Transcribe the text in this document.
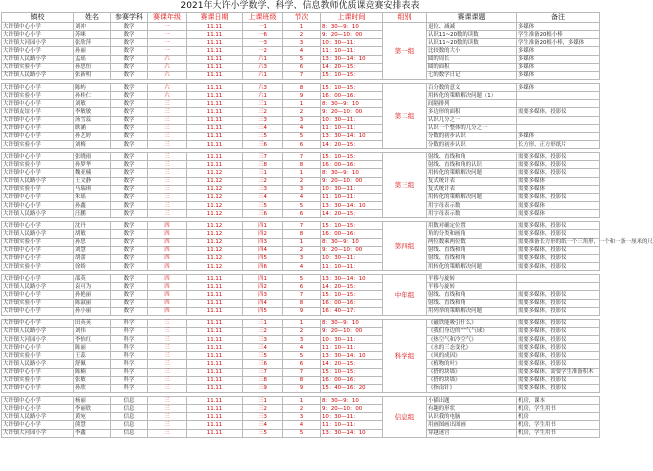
2021年大许小学数学、科学、信息教师优质课竞赛安排表表
镇校	姓名	参赛学科	赛课年级	赛课日期	上课班级	节次	上课时间	组别	赛课课题	备注
大许镇中心小学	刘冲	数学	一	11.11	一1	1	8：30—9：10	第一组	退位、减减	多媒体
大许镇中心小学	苏咪	数学	一	11.11	一6	2	9：20—10：00		认识11~20数的读数	学生准备20根小棒
大许镇大河园小学	张欣萍	数学	一	11.11	一3	3	10：30—11：		认识11~20数的读数	学生准备20根小棒，多媒体
大许镇中心小学	孙丽	数学	一	11.11	一2	4	11：10—11：		比较数的大小	多媒体
大许镇人民路小学	孟瑶	数学	六	11.11	六1	5	13：30—14：10		圆的周长	多媒体
大许镇实验小学	孙思恒	数学	六	11.11	六3	6	14：20—15：		圆的面积	多媒体
大许镇人民路小学	张新明	数学	六	11.11	六1	7	15：10—15：		七的数学日记	多媒体

大许镇中心小学	陈屿	数学	六	11.11	六3	8	15：10—15：	第二组	百分数的意义	多媒体
大许镇实验小学	孙桂仁	数学	六	11.11	六1	9	16：00—16：		用转化的策略解决问题（1）	
大许镇中心小学	刘敏	数学	三	11.11	三1	1	8：30—9：10		间隔排列	
大许镇友谊小学	李敏敏	数学	三	11.11	三2	2	9：20—10：00		多边形的面积	需要多媒体，投影仪
大许镇中心小学	汤雪蕊	数学	三	11.11	三3	3	10：30—11：		认识几分之一	
大许镇中心小学	耿涵	数学	三	11.11	三4	4	11：10—11：		认识一个整体的几分之一	
大许镇中心小学	孙艺婷	数学	三	11.11	三5	5	13：30—14：10		分数的初步认识	多媒体
大许镇实验小学	刘梅	数学	三	11.11	三6	6	14：20—15：		分数的初步认识	长方形、正方形纸片

大许镇中心小学	张晓雨	数学	三	11.11	三7	7	15：10—15：	第三组	射线、直线和角	需要多媒体，投影仪
大许镇实验小学	孙梦华	数学	三	11.11	三8	8	16：00—16：		射线、直线和角的认识	需要多媒体，投影仪
大许镇中心小学	魏亚楠	数学	三	11.12	三1	1	8：30—9：10		用转化的策略解决问题	需要多媒体，投影仪
大许镇人民路小学	王文静	数学	三	11.12	三2	2	9：20—10：00		复式统计表	需要多媒体
大许镇实验小学	马瑞琪	数学	三	11.12	三3	3	10：30—11：		复式统计表	需要多媒体
大许镇中心小学	朱瑶	数学	三	11.12	三4	4	11：10—11：		用转化的策略解决问题	需要多媒体，投影仪
大许镇中心小学	孙鑫	数学	三	11.12	三5	5	13：30—14：10		用字母表示数	需要多媒体
大许镇人民路小学	汪鹏	数学	三	11.12	三6	6	14：20—15：		用字母表示数	需要多媒体

大许镇中心小学	沈丹	数学	四	11.12	四1	7	15：10—15：	第四组	用数对确定位置	需要多媒体，投影仪
大许镇人民路小学	胡敏	数学	四	11.12	四2	8	16：00—16：		角的分类和画角	需要多媒体，投影仪
大许镇实验小学	孙思	数学	四	11.12	四3	1	8：30—9：10		两位数乘两位数	需要准备长方形的纸一个三角形，一个和一条一厘米的尺
大许镇中心小学	刘慧	数学	四	11.12	四4	2	9：20—10：00		射线、直线和角	需要多媒体，投影仪
大许镇中心小学	胡蕾	数学	四	11.12	四5	3	10：30—11：		射线、直线和角	需要多媒体，投影仪
大许镇实验小学	徐娇	数学	四	11.12	四6	4	11：10—11：		用转化的策略解决问题	需要多媒体，投影仪

大许镇中心小学	邵英	数学	四	11.11	四1	5	13：30—14：10	中年组	平移与旋转	
大许镇人民路小学	袁可为	数学	四	11.11	四2	6	14：20—15：		平移与旋转	
大许镇中心小学	孙艳丽	数学	四	11.11	四3	7	15：10—15：		射线、直线和角	需要多媒体，投影仪
大许镇实验小学	陈淑丽	数学	四	11.11	四4	8	16：00—16：		射线、直线和角	需要多媒体，投影仪
大许镇中心小学	孙小丽	数学	四	11.11	四5	9	16：40—17：		用列举的策略解决问题	需要多媒体，投影仪

大许镇中心小学	田英英	科学	三	11.11	三1	1	8：30—9：10	科学组	《磁铁能吸引什么》	需要多媒体，投影仪
大许镇人民路小学	刘伟	科学	三	11.11	三2	2	9：20—10：00		《我们身边的“”气气球》	需要多媒体，投影仪
大许镇大河园小学	李怡红	科学	三	11.11	三3	3	10：30—11：		《热空气和冷空气》	需要多媒体，投影仪
大许镇中心小学	陈丽	科学	三	11.11	三4	4	11：10—11：		《水的三态变化》	需要多媒体，投影仪
大许镇实验小学	王蕊	科学	三	11.11	三5	5	13：30—14：10		《风的成因》	需要多媒体，投影仪
大许镇人民路小学	舒佩	科学	三	11.11	三6	6	14：20—15：		《植物的叶》	需要多媒体，投影仪
大许镇中心小学	陈楠	科学	三	11.11	三7	7	15：10—15：		《搭的块墙》	需要多媒体，需要学生准备积木
大许镇实验小学	张敏	科学	三	11.11	三8	8	16：00—16：		《搭的块墙》	需要多媒体，投影仪
大许镇中心小学	孙欣	科学	三	11.11	三9	9	15：40—16：20		《指南针》	需要多媒体，投影仪

大许镇中心小学	杨丽	信息	三	11.11	三1	1	8：30—9：10	信息组	小猫出题	机房，课本
大许镇中心小学	李丽欣	信息	三	11.11	三2	2	9：20—10：00		有趣的形状	机房，学生用书
大许镇人民路小学	黄宛	信息	三	11.11	三3	3	10：30—11：		认识我的电脑	机房
大许镇中心小学	熊慧	信息	三	11.11	三4	4	11：10—11：		用画图画出图画	机房，学生用书
大许镇大河园小学	李鑫	信息	三	11.11	三5	5	13：30—14：10		穿越迷宫	机房，学生用书
